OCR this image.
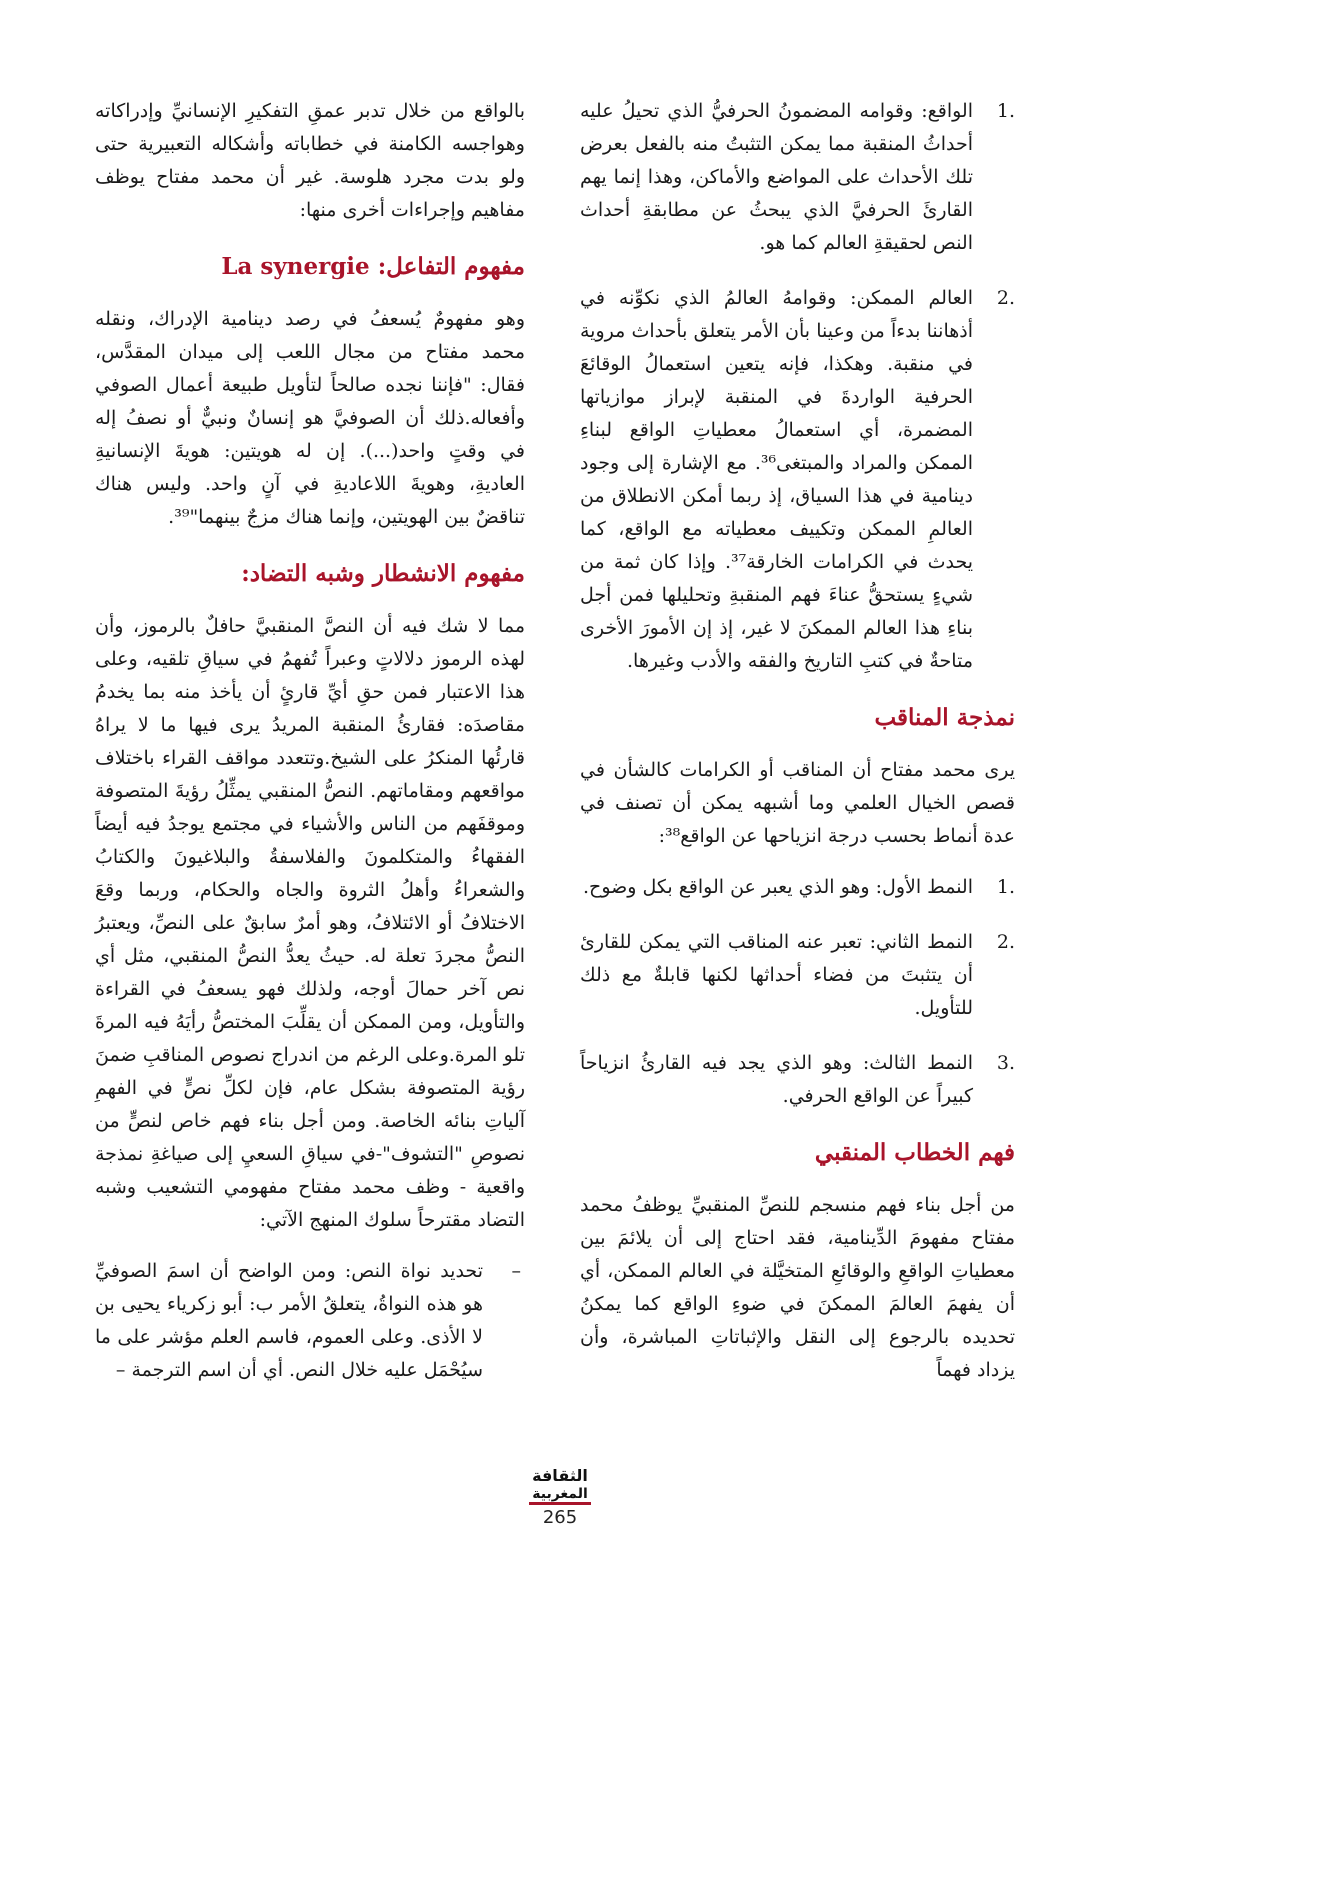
1.
الواقع: وقوامه المضمونُ الحرفيُّ الذي تحيلُ عليه أحداثُ المنقبة مما يمكن التثبتُ منه بالفعل بعرض تلك الأحداث على المواضع والأماكن، وهذا إنما يهم القارئَ الحرفيَّ الذي يبحثُ عن مطابقةِ أحداث النص لحقيقةِ العالم كما هو.
2.
العالم الممكن: وقوامهُ العالمُ الذي نكوِّنه في أذهاننا بدءاً من وعينا بأن الأمر يتعلق بأحداث مروية في منقبة. وهكذا، فإنه يتعين استعمالُ الوقائعَ الحرفية الواردةَ في المنقبة لإبراز موازياتها المضمرة، أي استعمالُ معطياتِ الواقع لبناءِ الممكن والمراد والمبتغى³⁶. مع الإشارة إلى وجود دينامية في هذا السياق، إذ ربما أمكن الانطلاق من العالمِ الممكن وتكييف معطياته مع الواقع، كما يحدث في الكرامات الخارقة³⁷. وإذا كان ثمة من شيءٍ يستحقُّ عناءَ فهم المنقبةِ وتحليلها فمن أجل بناءِ هذا العالم الممكنَ لا غير، إذ إن الأمورَ الأخرى متاحةٌ في كتبِ التاريخ والفقه والأدب وغيرها.
نمذجة المناقب

يرى محمد مفتاح أن المناقب أو الكرامات كالشأن في قصص الخيال العلمي وما أشبهه يمكن أن تصنف في عدة أنماط بحسب درجة انزياحها عن الواقع³⁸:

1.
النمط الأول: وهو الذي يعبر عن الواقع بكل وضوح.
2.
النمط الثاني: تعبر عنه المناقب التي يمكن للقارئ أن يتثبتَ من فضاء أحداثها لكنها قابلةٌ مع ذلك للتأويل.
3.
النمط الثالث: وهو الذي يجد فيه القارئُ انزياحاً كبيراً عن الواقع الحرفي.
فهم الخطاب المنقبي

من أجل بناء فهم منسجم للنصِّ المنقبيِّ يوظفُ محمد مفتاح مفهومَ الدِّينامية، فقد احتاج إلى أن يلائمَ بين معطياتِ الواقعِ والوقائعِ المتخيَّلة في العالم الممكن، أي أن يفهمَ العالمَ الممكنَ في ضوءِ الواقع كما يمكنُ تحديده بالرجوع إلى النقل والإثباتاتِ المباشرة، وأن يزداد فهماً

بالواقع من خلال تدبر عمقِ التفكيرِ الإنسانيِّ وإدراكاته وهواجسه الكامنة في خطاباته وأشكاله التعبيرية حتى ولو بدت مجرد هلوسة. غير أن محمد مفتاح يوظف مفاهيم وإجراءات أخرى منها:

مفهوم التفاعل: La synergie

وهو مفهومٌ يُسعفُ في رصد دينامية الإدراك، ونقله محمد مفتاح من مجال اللعب إلى ميدان المقدَّس، فقال: "فإننا نجده صالحاً لتأويل طبيعة أعمال الصوفي وأفعاله.ذلك أن الصوفيَّ هو إنسانٌ ونبيٌّ أو نصفُ إله في وقتٍ واحد(...). إن له هويتين: هويةَ الإنسانيةِ العاديةِ، وهويةَ اللاعاديةِ في آنٍ واحد. وليس هناك تناقضٌ بين الهويتين، وإنما هناك مزجٌ بينهما"³⁹.

مفهوم الانشطار وشبه التضاد:

مما لا شك فيه أن النصَّ المنقبيَّ حافلٌ بالرموز، وأن لهذه الرموز دلالاتٍ وعبراً تُفهمُ في سياقِ تلقيه، وعلى هذا الاعتبار فمن حقِ أيِّ قارئٍ أن يأخذ منه بما يخدمُ مقاصدَه: فقارئُ المنقبة المريدُ يرى فيها ما لا يراهُ قارئُها المنكرُ على الشيخ.وتتعدد مواقف القراء باختلاف مواقعهم ومقاماتهم. النصُّ المنقبي يمثِّلُ رؤيةَ المتصوفة وموقفَهم من الناس والأشياء في مجتمع يوجدُ فيه أيضاً الفقهاءُ والمتكلمونَ والفلاسفةُ والبلاغيونَ والكتابُ والشعراءُ وأهلُ الثروة والجاه والحكام، وربما وقعَ الاختلافُ أو الائتلافُ، وهو أمرٌ سابقٌ على النصِّ، ويعتبرُ النصُّ مجردَ تعلة له. حيثُ يعدُّ النصُّ المنقبي، مثل أي نص آخر حمالَ أوجه، ولذلك فهو يسعفُ في القراءة والتأويل، ومن الممكن أن يقلِّبَ المختصُّ رأيَهُ فيه المرةَ تلو المرة.وعلى الرغم من اندراج نصوص المناقبِ ضمنَ رؤية المتصوفة بشكل عام، فإن لكلِّ نصٍّ في الفهمِ آلياتِ بنائه الخاصة. ومن أجل بناء فهم خاص لنصٍّ من نصوصِ "التشوف"-في سياقِ السعيِ إلى صياغةِ نمذجة واقعية - وظف محمد مفتاح مفهومي التشعيب وشبه التضاد مقترحاً سلوك المنهج الآتي:

–
تحديد نواة النص: ومن الواضح أن اسمَ الصوفيِّ هو هذه النواةُ، يتعلقُ الأمر ب: أبو زكرياء يحيى بن لا الأذى. وعلى العموم، فاسم العلم مؤشر على ما سيُحْمَل عليه خلال النص. أي أن اسم الترجمة –
الثقافة
المغربية
265
